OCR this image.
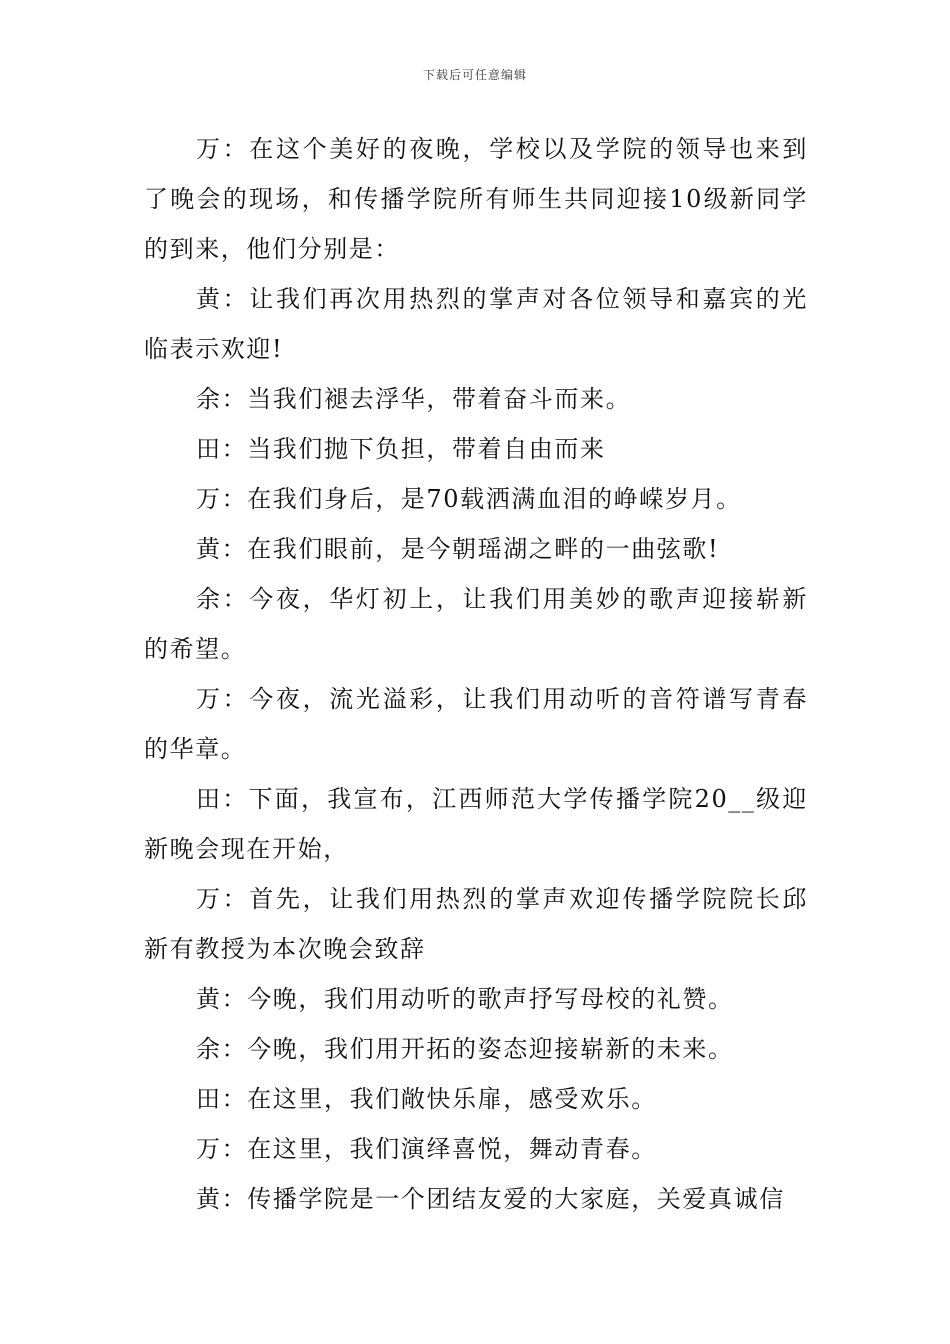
下载后可任意编辑

万：在这个美好的夜晚，学校以及学院的领导也来到了晚会的现场，和传播学院所有师生共同迎接10级新同学的到来，他们分别是：

黄：让我们再次用热烈的掌声对各位领导和嘉宾的光临表示欢迎!

余：当我们褪去浮华，带着奋斗而来。

田：当我们抛下负担，带着自由而来

万：在我们身后，是70载洒满血泪的峥嵘岁月。

黄：在我们眼前，是今朝瑶湖之畔的一曲弦歌!

余：今夜，华灯初上，让我们用美妙的歌声迎接崭新的希望。

万：今夜，流光溢彩，让我们用动听的音符谱写青春的华章。

田：下面，我宣布，江西师范大学传播学院20__级迎新晚会现在开始，

万：首先，让我们用热烈的掌声欢迎传播学院院长邱新有教授为本次晚会致辞

黄：今晚，我们用动听的歌声抒写母校的礼赞。

余：今晚，我们用开拓的姿态迎接崭新的未来。

田：在这里，我们敞快乐扉，感受欢乐。

万：在这里，我们演绎喜悦，舞动青春。

黄：传播学院是一个团结友爱的大家庭，关爱真诚信
